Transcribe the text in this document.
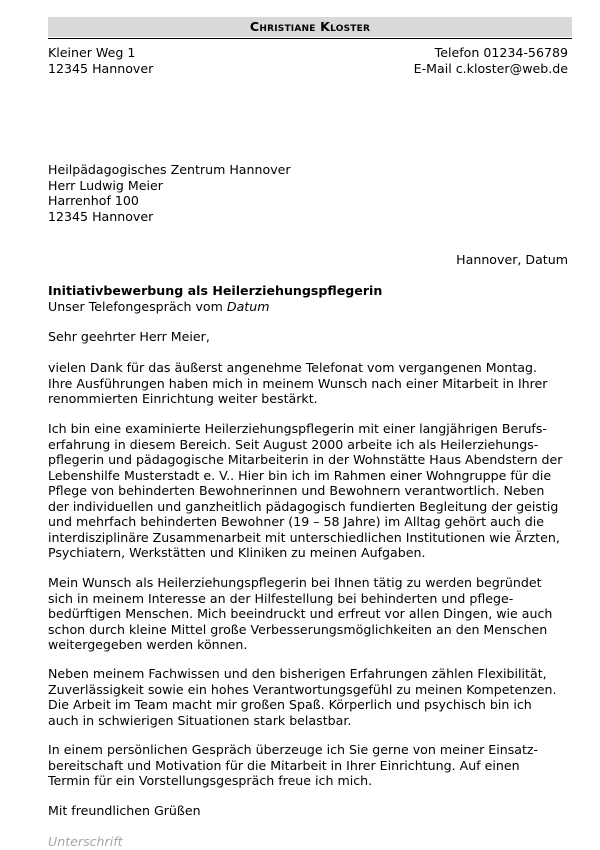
Christiane Kloster
Kleiner Weg 1
12345 Hannover
Telefon 01234-56789
E-Mail c.kloster@web.de
Heilpädagogisches Zentrum Hannover
Herr Ludwig Meier
Harrenhof 100
12345 Hannover
Hannover, Datum
Initiativbewerbung als Heilerziehungspflegerin
Unser Telefongespräch vom Datum
Sehr geehrter Herr Meier,
vielen Dank für das äußerst angenehme Telefonat vom vergangenen Montag.
Ihre Ausführungen haben mich in meinem Wunsch nach einer Mitarbeit in Ihrer
renommierten Einrichtung weiter bestärkt.
Ich bin eine examinierte Heilerziehungspflegerin mit einer langjährigen Berufs-
erfahrung in diesem Bereich. Seit August 2000 arbeite ich als Heilerziehungs-
pflegerin und pädagogische Mitarbeiterin in der Wohnstätte Haus Abendstern der
Lebenshilfe Musterstadt e. V.. Hier bin ich im Rahmen einer Wohngruppe für die
Pflege von behinderten Bewohnerinnen und Bewohnern verantwortlich. Neben
der individuellen und ganzheitlich pädagogisch fundierten Begleitung der geistig
und mehrfach behinderten Bewohner (19 – 58 Jahre) im Alltag gehört auch die
interdisziplinäre Zusammenarbeit mit unterschiedlichen Institutionen wie Ärzten,
Psychiatern, Werkstätten und Kliniken zu meinen Aufgaben.
Mein Wunsch als Heilerziehungspflegerin bei Ihnen tätig zu werden begründet
sich in meinem Interesse an der Hilfestellung bei behinderten und pflege-
bedürftigen Menschen. Mich beeindruckt und erfreut vor allen Dingen, wie auch
schon durch kleine Mittel große Verbesserungsmöglichkeiten an den Menschen
weitergegeben werden können.
Neben meinem Fachwissen und den bisherigen Erfahrungen zählen Flexibilität,
Zuverlässigkeit sowie ein hohes Verantwortungsgefühl zu meinen Kompetenzen.
Die Arbeit im Team macht mir großen Spaß. Körperlich und psychisch bin ich
auch in schwierigen Situationen stark belastbar.
In einem persönlichen Gespräch überzeuge ich Sie gerne von meiner Einsatz-
bereitschaft und Motivation für die Mitarbeit in Ihrer Einrichtung. Auf einen
Termin für ein Vorstellungsgespräch freue ich mich.
Mit freundlichen Grüßen
Unterschrift
